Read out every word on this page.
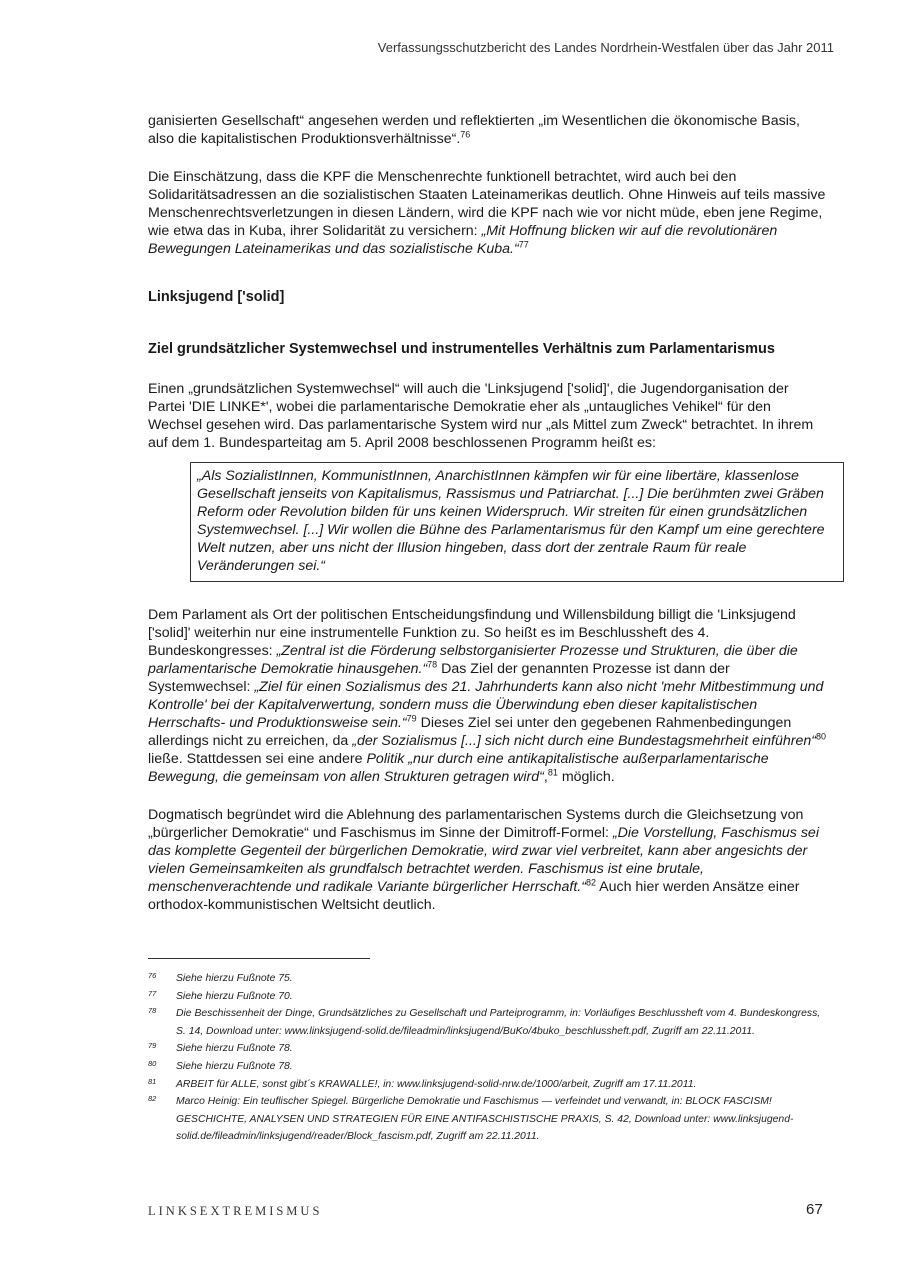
Verfassungsschutzbericht des Landes Nordrhein-Westfalen über das Jahr 2011

ganisierten Gesellschaft“ angesehen werden und reflektierten „im Wesentlichen die ökonomische Basis, also die kapitalistischen Produktionsverhältnisse“.$^{76}$

Die Einschätzung, dass die KPF die Menschenrechte funktionell betrachtet, wird auch bei den Solidaritätsadressen an die sozialistischen Staaten Lateinamerikas deutlich. Ohne Hinweis auf teils massive Menschenrechtsverletzungen in diesen Ländern, wird die KPF nach wie vor nicht müde, eben jene Regime, wie etwa das in Kuba, ihrer Solidarität zu versichern: „Mit Hoffnung blicken wir auf die revolutionären Bewegungen Lateinamerikas und das sozialistische Kuba.“$^{77}$

Linksjugend ['solid]
Ziel grundsätzlicher Systemwechsel und instrumentelles Verhältnis zum Parlamentarismus

Einen „grundsätzlichen Systemwechsel“ will auch die 'Linksjugend ['solid]', die Jugendorganisation der Partei 'DIE LINKE*', wobei die parlamentarische Demokratie eher als „untaugliches Vehikel“ für den Wechsel gesehen wird. Das parlamentarische System wird nur „als Mittel zum Zweck“ betrachtet. In ihrem auf dem 1. Bundesparteitag am 5. April 2008 beschlossenen Programm heißt es:

„Als SozialistInnen, KommunistInnen, AnarchistInnen kämpfen wir für eine libertäre, klassenlose Gesellschaft jenseits von Kapitalismus, Rassismus und Patriarchat. [...] Die berühmten zwei Gräben Reform oder Revolution bilden für uns keinen Widerspruch. Wir streiten für einen grundsätzlichen Systemwechsel. [...] Wir wollen die Bühne des Parlamentarismus für den Kampf um eine gerechtere Welt nutzen, aber uns nicht der Illusion hingeben, dass dort der zentrale Raum für reale Veränderungen sei.“

Dem Parlament als Ort der politischen Entscheidungsfindung und Willensbildung billigt die 'Linksjugend ['solid]' weiterhin nur eine instrumentelle Funktion zu. So heißt es im Beschlussheft des 4. Bundeskongresses: „Zentral ist die Förderung selbstorganisierter Prozesse und Strukturen, die über die parlamentarische Demokratie hinausgehen.“$^{78}$ Das Ziel der genannten Prozesse ist dann der Systemwechsel: „Ziel für einen Sozialismus des 21. Jahrhunderts kann also nicht 'mehr Mitbestimmung und Kontrolle' bei der Kapitalverwertung, sondern muss die Überwindung eben dieser kapitalistischen Herrschafts- und Produktionsweise sein.“$^{79}$ Dieses Ziel sei unter den gegebenen Rahmenbedingungen allerdings nicht zu erreichen, da „der Sozialismus [...] sich nicht durch eine Bundestagsmehrheit einführen“$^{80}$ ließe. Stattdessen sei eine andere Politik „nur durch eine antikapitalistische außerparlamentarische Bewegung, die gemeinsam von allen Strukturen getragen wird“,$^{81}$ möglich.

Dogmatisch begründet wird die Ablehnung des parlamentarischen Systems durch die Gleichsetzung von „bürgerlicher Demokratie“ und Faschismus im Sinne der Dimitroff-Formel: „Die Vorstellung, Faschismus sei das komplette Gegenteil der bürgerlichen Demokratie, wird zwar viel verbreitet, kann aber angesichts der vielen Gemeinsamkeiten als grundfalsch betrachtet werden. Faschismus ist eine brutale, menschenverachtende und radikale Variante bürgerlicher Herrschaft.“$^{82}$ Auch hier werden Ansätze einer orthodox-kommunistischen Weltsicht deutlich.

76 Siehe hierzu Fußnote 75.
77 Siehe hierzu Fußnote 70.
78 Die Beschissenheit der Dinge, Grundsätzliches zu Gesellschaft und Parteiprogramm, in: Vorläufiges Beschlussheft vom 4. Bundeskongress, S. 14, Download unter: www.linksjugend-solid.de/fileadmin/linksjugend/BuKo/4buko_beschlussheft.pdf, Zugriff am 22.11.2011.
79 Siehe hierzu Fußnote 78.
80 Siehe hierzu Fußnote 78.
81 ARBEIT für ALLE, sonst gibt´s KRAWALLE!, in: www.linksjugend-solid-nrw.de/1000/arbeit, Zugriff am 17.11.2011.
82 Marco Heinig: Ein teuflischer Spiegel. Bürgerliche Demokratie und Faschismus — verfeindet und verwandt, in: BLOCK FASCISM! GESCHICHTE, ANALYSEN UND STRATEGIEN FÜR EINE ANTIFASCHISTISCHE PRAXIS, S. 42, Download unter: www.linksjugend-solid.de/fileadmin/linksjugend/reader/Block_fascism.pdf, Zugriff am 22.11.2011.
LINKSEXTREMISMUS	67
